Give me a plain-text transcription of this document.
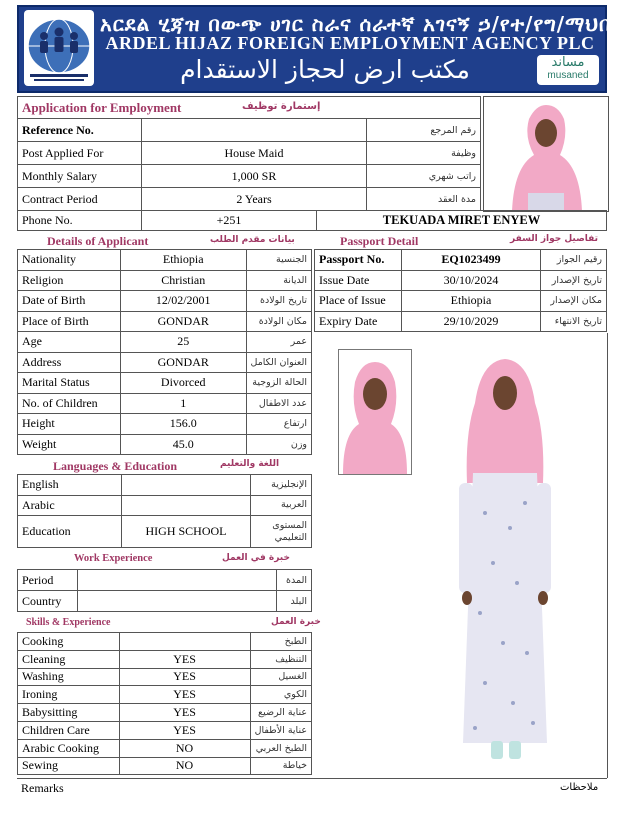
አርደል ሂጃዝ በውጭ ሀገር ስራና ሰራተኛ አገናኝ ኃ/የተ/የግ/ማህበር
ARDEL HIJAZ FOREIGN EMPLOYMENT AGENCY PLC
مكتب ارض لحجاز الاستقدام	مساند
musaned
Application for Employment إستمارة توظيف		

Reference No.		رقم المرجع
Post Applied For	House Maid	وظيفة
Monthly Salary	1,000 SR	راتب شهري
Contract Period	2 Years	مدة العقد
Phone No.	+251	TEKUADA MIRET ENYEW
Details of Applicant	بيانات مقدم الطلب
Nationality	Ethiopia	الجنسية
Religion	Christian	الديانة
Date of Birth	12/02/2001	تاريخ الولادة
Place of Birth	GONDAR	مكان الولادة
Age	25	عمر
Address	GONDAR	العنوان الكامل
Marital Status	Divorced	الحالة الزوجية
No. of Children	1	عدد الاطفال
Height	156.0	ارتفاع
Weight	45.0	وزن
Passport Detail	تفاصيل جواز السفر
Passport No.	EQ1023499	رقيم الجواز
Issue Date	30/10/2024	تاريخ الإصدار
Place of Issue	Ethiopia	مكان الإصدار
Expiry Date	29/10/2029	تاريخ الانتهاء
Languages & Education	اللغة والتعليم
English		الإنجليزية
Arabic		العربية
Education	HIGH SCHOOL	المستوى التعليمي
Work Experience	خبرة في العمل
Period		المدة
Country		البلد
Skills & Experience	خبرة العمل
Cooking		الطبخ
Cleaning	YES	التنظيف
Washing	YES	الغسيل
Ironing	YES	الكوي
Babysitting	YES	عناية الرضيع
Children Care	YES	عناية الأطفال
Arabic Cooking	NO	الطبخ العربي
Sewing	NO	خياطة
Remarks	ملاحظات
